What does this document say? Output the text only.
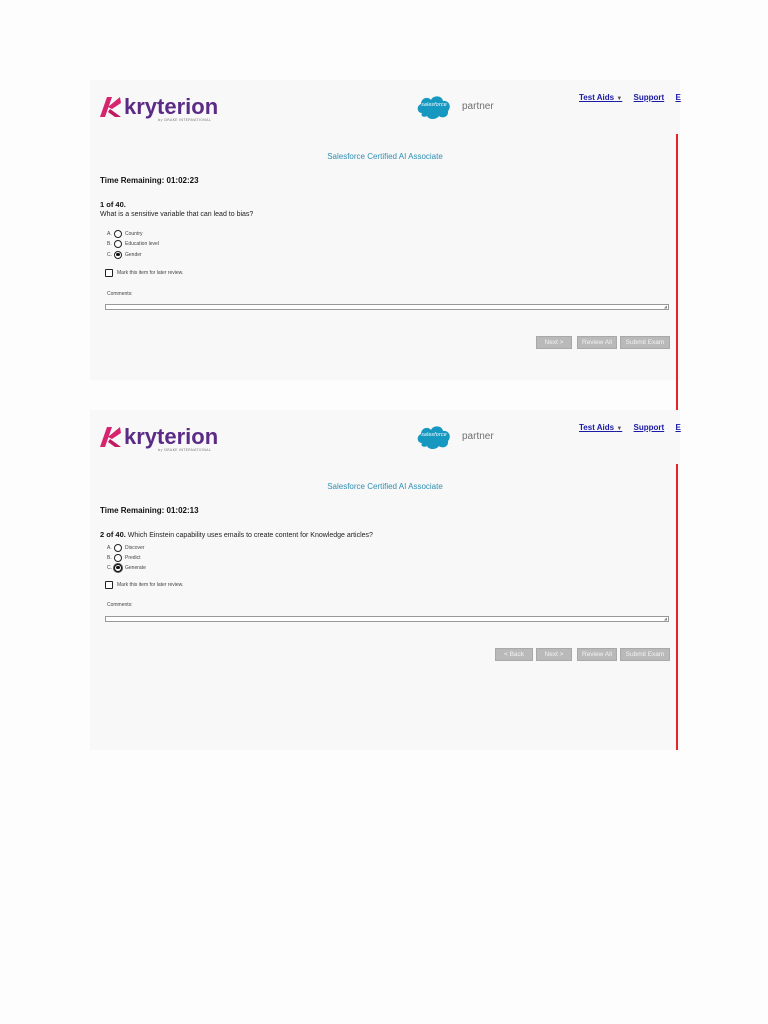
kryterion
by DRAKE INTERNATIONAL
salesforce	partner
Test Aids ▼ Support E
Salesforce Certified AI Associate
Time Remaining: 01:02:23
1 of 40.
What is a sensitive variable that can lead to bias?
A.	Country
B.	Education level
C.	Gender
Mark this item for later review.
Comments:
◢
Next >	Review All	Submit Exam
kryterion
by DRAKE INTERNATIONAL
salesforce	partner
Test Aids ▼ Support E
Salesforce Certified AI Associate
Time Remaining: 01:02:13
2 of 40. Which Einstein capability uses emails to create content for Knowledge articles?
A.	Discover
B.	Predict
C.	Generate
Mark this item for later review.
Comments:
◢
< Back	Next >	Review All	Submit Exam
